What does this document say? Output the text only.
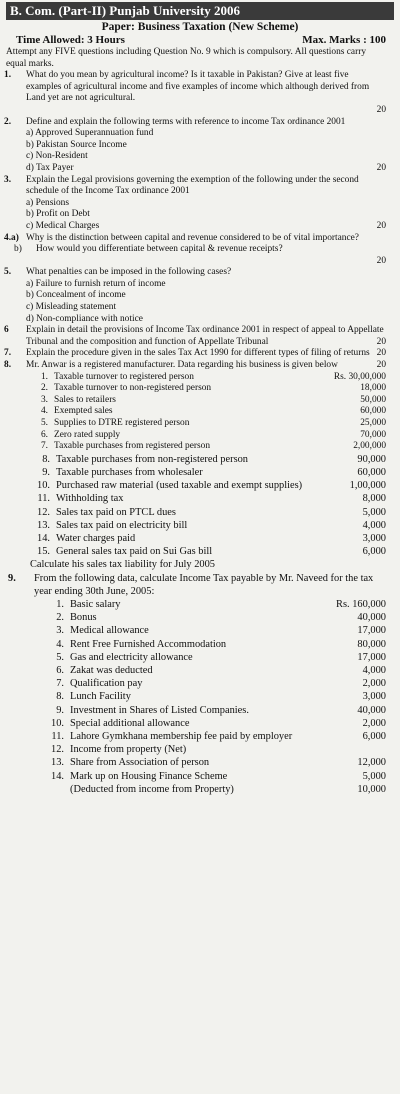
B. Com. (Part-II) Punjab University 2006
Paper: Business Taxation (New Scheme)
Time Allowed: 3 Hours	Max. Marks : 100
Attempt any FIVE questions including Question No. 9 which is compulsory. All questions carry equal marks.
1.	What do you mean by agricultural income? Is it taxable in Pakistan? Give at least five examples of agricultural income and five examples of income which although derived from Land yet are not agricultural.
20
2.	Define and explain the following terms with reference to income Tax ordinance 2001
a) Approved Superannuation fund
b) Pakistan Source Income
c) Non-Resident
d) Tax Payer	20
3.	Explain the Legal provisions governing the exemption of the following under the second schedule of the Income Tax ordinance 2001
a) Pensions
b) Profit on Debt
c) Medical Charges	20
4.a) Why is the distinction between capital and revenue considered to be of vital importance?
b)	How would you differentiate between capital & revenue receipts?
20
5.	What penalties can be imposed in the following cases?
a) Failure to furnish return of income
b) Concealment of income
c) Misleading statement
d) Non-compliance with notice
6	Explain in detail the provisions of Income Tax ordinance 2001 in respect of appeal to Appellate Tribunal and the composition and function of Appellate Tribunal	20
7.	Explain the procedure given in the sales Tax Act 1990 for different types of filing of returns 20
8.	Mr. Anwar is a registered manufacturer. Data regarding his business is given below	20
1. Taxable turnover to registered person	Rs. 30,00,000
2. Taxable turnover to non-registered person	18,000
3. Sales to retailers	50,000
4. Exempted sales	60,000
5. Supplies to DTRE registered person	25,000
6. Zero rated supply	70,000
7. Taxable purchases from registered person	2,00,000
8. Taxable purchases from non-registered person	90,000
9. Taxable purchases from wholesaler	60,000
10. Purchased raw material (used taxable and exempt supplies)	1,00,000
11. Withholding tax	8,000
12. Sales tax paid on PTCL dues	5,000
13. Sales tax paid on electricity bill	4,000
14. Water charges paid	3,000
15. General sales tax paid on Sui Gas bill	6,000
Calculate his sales tax liability for July 2005
9.	From the following data, calculate Income Tax payable by Mr. Naveed for the tax year ending 30th June, 2005:
1. Basic salary	Rs. 160,000
2. Bonus	40,000
3. Medical allowance	17,000
4. Rent Free Furnished Accommodation	80,000
5. Gas and electricity allowance	17,000
6. Zakat was deducted	4,000
7. Qualification pay	2,000
8. Lunch Facility	3,000
9. Investment in Shares of Listed Companies.	40,000
10. Special additional allowance	2,000
11. Lahore Gymkhana membership fee paid by employer	6,000
12. Income from property (Net)
13. Share from Association of person	12,000
14. Mark up on Housing Finance Scheme	5,000
(Deducted from income from Property)	10,000
